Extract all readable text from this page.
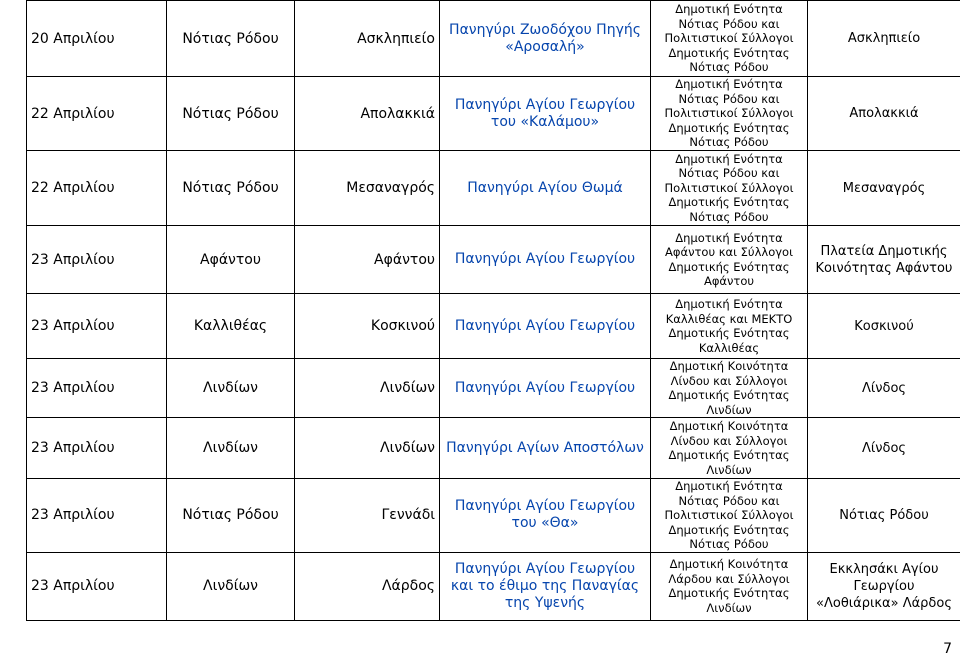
20 Απριλίου	Νότιας Ρόδου	Ασκληπιείο	Πανηγύρι Ζωοδόχου Πηγής «Αροσαλή»	Δημοτική Ενότητα Νότιας Ρόδου και Πολιτιστικοί Σύλλογοι Δημοτικής Ενότητας Νότιας Ρόδου	Ασκληπιείο
22 Απριλίου	Νότιας Ρόδου	Απολακκιά	Πανηγύρι Αγίου Γεωργίου του «Καλάμου»	Δημοτική Ενότητα Νότιας Ρόδου και Πολιτιστικοί Σύλλογοι Δημοτικής Ενότητας Νότιας Ρόδου	Απολακκιά
22 Απριλίου	Νότιας Ρόδου	Μεσαναγρός	Πανηγύρι Αγίου Θωμά	Δημοτική Ενότητα Νότιας Ρόδου και Πολιτιστικοί Σύλλογοι Δημοτικής Ενότητας Νότιας Ρόδου	Μεσαναγρός
23 Απριλίου	Αφάντου	Αφάντου	Πανηγύρι Αγίου Γεωργίου	Δημοτική Ενότητα Αφάντου και Σύλλογοι Δημοτικής Ενότητας Αφάντου	Πλατεία Δημοτικής Κοινότητας Αφάντου
23 Απριλίου	Καλλιθέας	Κοσκινού	Πανηγύρι Αγίου Γεωργίου	Δημοτική Ενότητα Καλλιθέας και ΜΕΚΤΟ Δημοτικής Ενότητας Καλλιθέας	Κοσκινού
23 Απριλίου	Λινδίων	Λινδίων	Πανηγύρι Αγίου Γεωργίου	Δημοτική Κοινότητα Λίνδου και Σύλλογοι Δημοτικής Ενότητας Λινδίων	Λίνδος
23 Απριλίου	Λινδίων	Λινδίων	Πανηγύρι Αγίων Αποστόλων	Δημοτική Κοινότητα Λίνδου και Σύλλογοι Δημοτικής Ενότητας Λινδίων	Λίνδος
23 Απριλίου	Νότιας Ρόδου	Γεννάδι	Πανηγύρι Αγίου Γεωργίου του «Θα»	Δημοτική Ενότητα Νότιας Ρόδου και Πολιτιστικοί Σύλλογοι Δημοτικής Ενότητας Νότιας Ρόδου	Νότιας Ρόδου
23 Απριλίου	Λινδίων	Λάρδος	Πανηγύρι Αγίου Γεωργίου και το έθιμο της Παναγίας της Υψενής	Δημοτική Κοινότητα Λάρδου και Σύλλογοι Δημοτικής Ενότητας Λινδίων	Εκκλησάκι Αγίου Γεωργίου «Λοθιάρικα» Λάρδος
7
